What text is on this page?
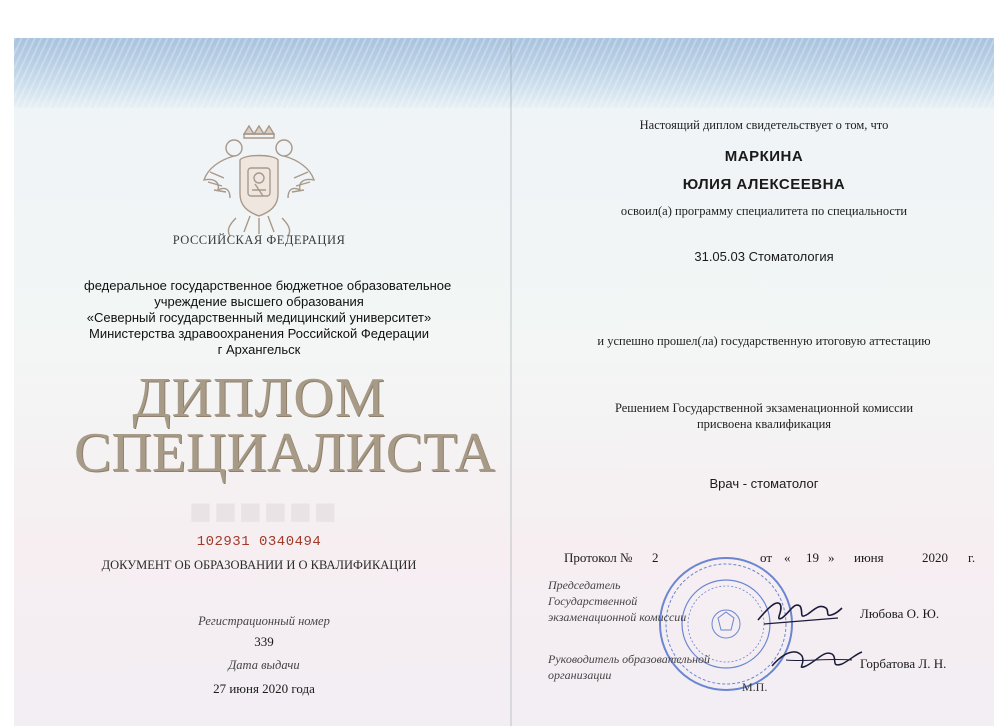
РОССИЙСКАЯ ФЕДЕРАЦИЯ
федеральное государственное бюджетное образовательное
учреждение высшего образования
«Северный государственный медицинский университет»
Министерства здравоохранения Российской Федерации
г Архангельск
ДИПЛОМ
СПЕЦИАЛИСТА
■■■■■■
102931 0340494
ДОКУМЕНТ ОБ ОБРАЗОВАНИИ И О КВАЛИФИКАЦИИ
Регистрационный номер
339
Дата выдачи
27 июня 2020 года
Настоящий диплом свидетельствует о том, что
МАРКИНА
ЮЛИЯ АЛЕКСЕЕВНА
освоил(а) программу специалитета по специальности
31.05.03 Стоматология
и успешно прошел(ла) государственную итоговую аттестацию
Решением Государственной экзаменационной комиссии
присвоена квалификация
Врач - стоматолог
Протокол № 2	от « 19 » июня	2020 г.
Председатель
Государственной
экзаменационной комиссии	Любова О. Ю.
Руководитель образовательной
организации
Горбатова Л. Н.
М.П.
